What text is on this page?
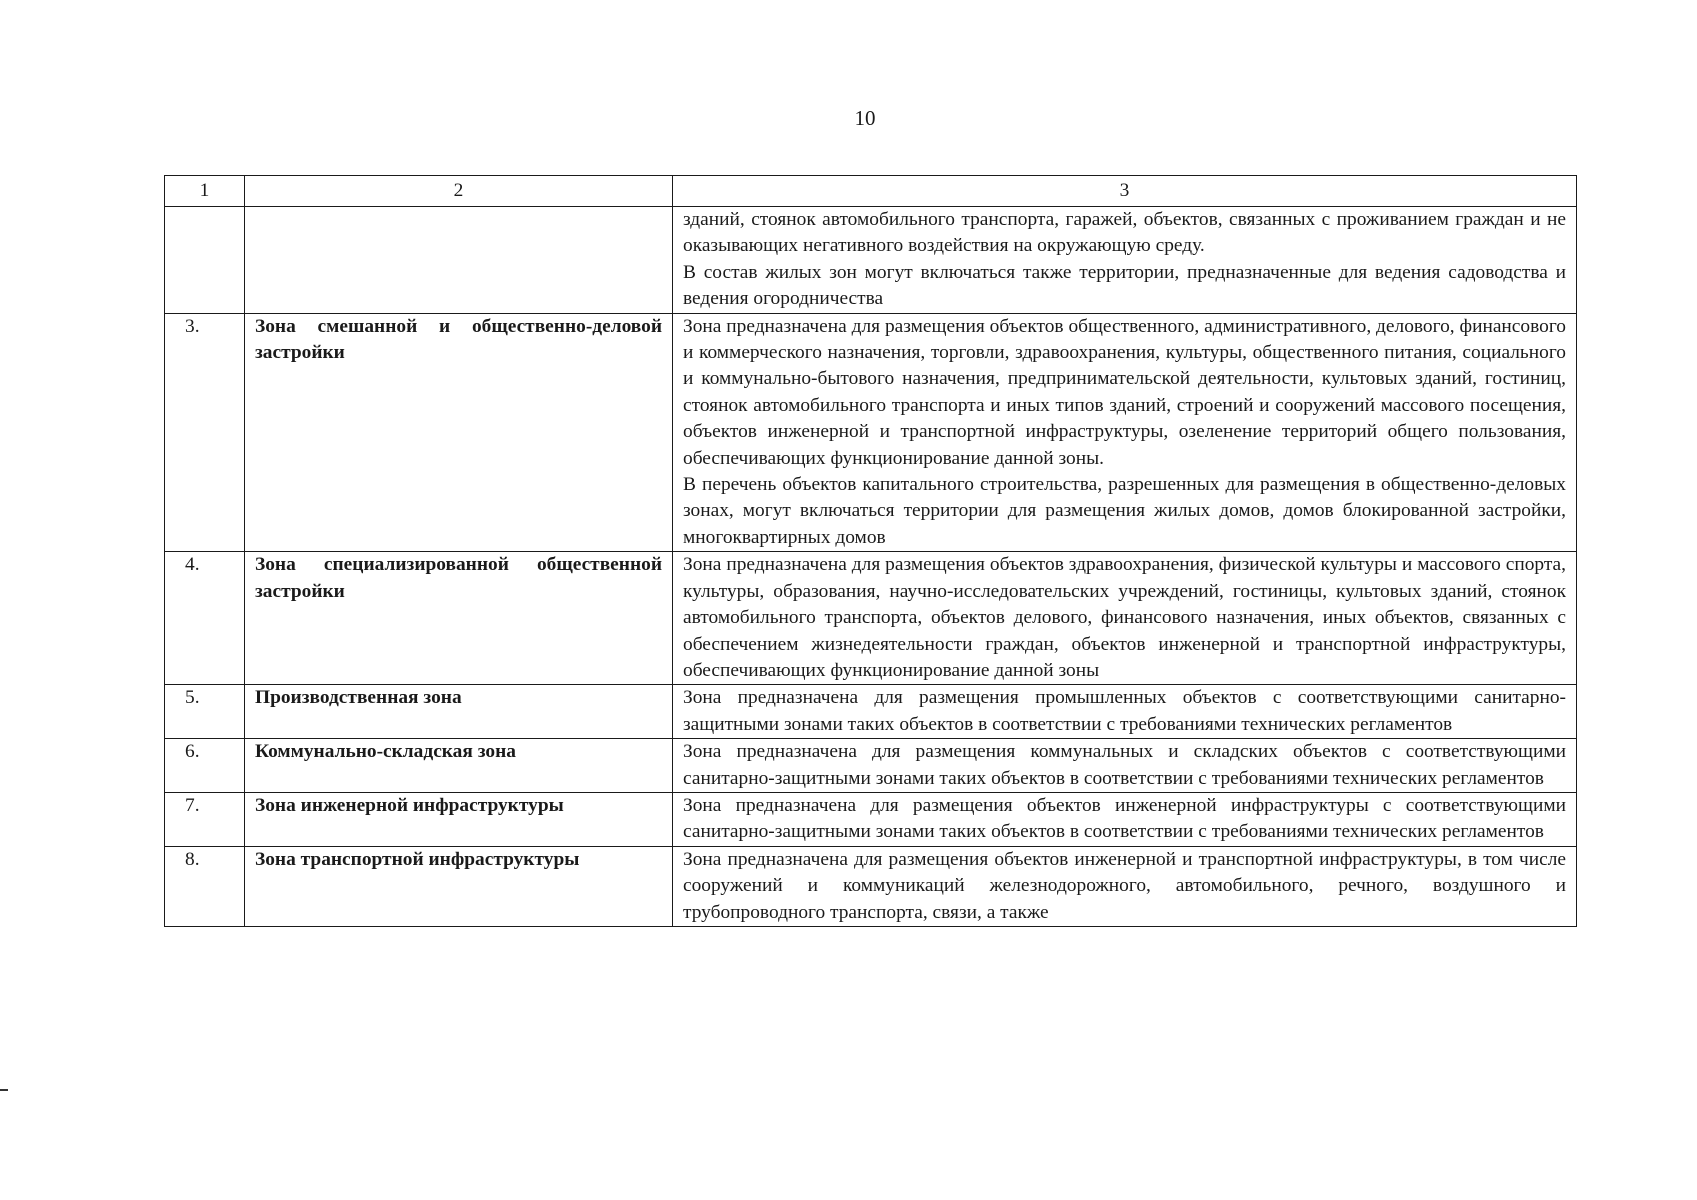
10
1	2	3

		зданий, стоянок автомобильного транспорта, гаражей, объектов, связанных с проживанием граждан и не оказывающих негативного воздействия на окружающую среду.

В состав жилых зон могут включаться также территории, предназначенные для ведения садоводства и ведения огородничества

3.	Зона смешанной и общественно-деловой застройки	Зона предназначена для размещения объектов общественного, административного, делового, финансового и коммерческого назначения, торговли, здравоохранения, культуры, общественного питания, социального и коммунально-бытового назначения, предпринимательской деятельности, культовых зданий, гостиниц, стоянок автомобильного транспорта и иных типов зданий, строений и сооружений массового посещения, объектов инженерной и транспортной инфраструктуры, озеленение территорий общего пользования, обеспечивающих функционирование данной зоны.

В перечень объектов капитального строительства, разрешенных для размещения в общественно-деловых зонах, могут включаться территории для размещения жилых домов, домов блокированной застройки, многоквартирных домов

4.	Зона специализированной общественной застройки	Зона предназначена для размещения объектов здравоохранения, физической культуры и массового спорта, культуры, образования, научно-исследовательских учреждений, гостиницы, культовых зданий, стоянок автомобильного транспорта, объектов делового, финансового назначения, иных объектов, связанных с обеспечением жизнедеятельности граждан, объектов инженерной и транспортной инфраструктуры, обеспечивающих функционирование данной зоны

5.	Производственная зона	Зона предназначена для размещения промышленных объектов с соответствующими санитарно-защитными зонами таких объектов в соответствии с требованиями технических регламентов

6.	Коммунально-складская зона	Зона предназначена для размещения коммунальных и складских объектов с соответствующими санитарно-защитными зонами таких объектов в соответствии с требованиями технических регламентов

7.	Зона инженерной инфраструктуры	Зона предназначена для размещения объектов инженерной инфраструктуры с соответствующими санитарно-защитными зонами таких объектов в соответствии с требованиями технических регламентов

8.	Зона транспортной инфраструктуры	Зона предназначена для размещения объектов инженерной и транспортной инфраструктуры, в том числе сооружений и коммуникаций железнодорожного, автомобильного, речного, воздушного и трубопроводного транспорта, связи, а также
